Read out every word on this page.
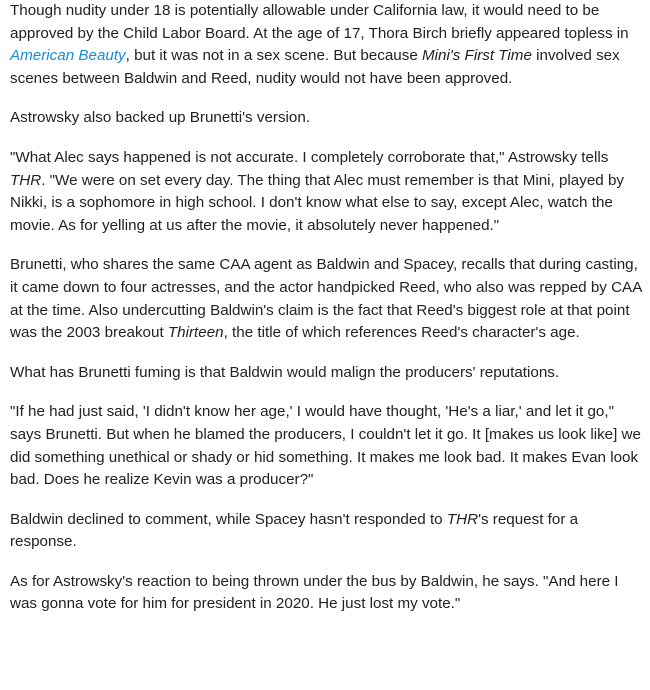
Though nudity under 18 is potentially allowable under California law, it would need to be approved by the Child Labor Board. At the age of 17, Thora Birch briefly appeared topless in American Beauty, but it was not in a sex scene. But because Mini's First Time involved sex scenes between Baldwin and Reed, nudity would not have been approved.

Astrowsky also backed up Brunetti's version.

"What Alec says happened is not accurate. I completely corroborate that," Astrowsky tells THR. "We were on set every day. The thing that Alec must remember is that Mini, played by Nikki, is a sophomore in high school. I don't know what else to say, except Alec, watch the movie. As for yelling at us after the movie, it absolutely never happened."

Brunetti, who shares the same CAA agent as Baldwin and Spacey, recalls that during casting, it came down to four actresses, and the actor handpicked Reed, who also was repped by CAA at the time. Also undercutting Baldwin's claim is the fact that Reed's biggest role at that point was the 2003 breakout Thirteen, the title of which references Reed's character's age.

What has Brunetti fuming is that Baldwin would malign the producers' reputations.

"If he had just said, 'I didn't know her age,' I would have thought, 'He's a liar,' and let it go," says Brunetti. But when he blamed the producers, I couldn't let it go. It [makes us look like] we did something unethical or shady or hid something. It makes me look bad. It makes Evan look bad. Does he realize Kevin was a producer?"

Baldwin declined to comment, while Spacey hasn't responded to THR's request for a response.

As for Astrowsky's reaction to being thrown under the bus by Baldwin, he says. "And here I was gonna vote for him for president in 2020. He just lost my vote."
